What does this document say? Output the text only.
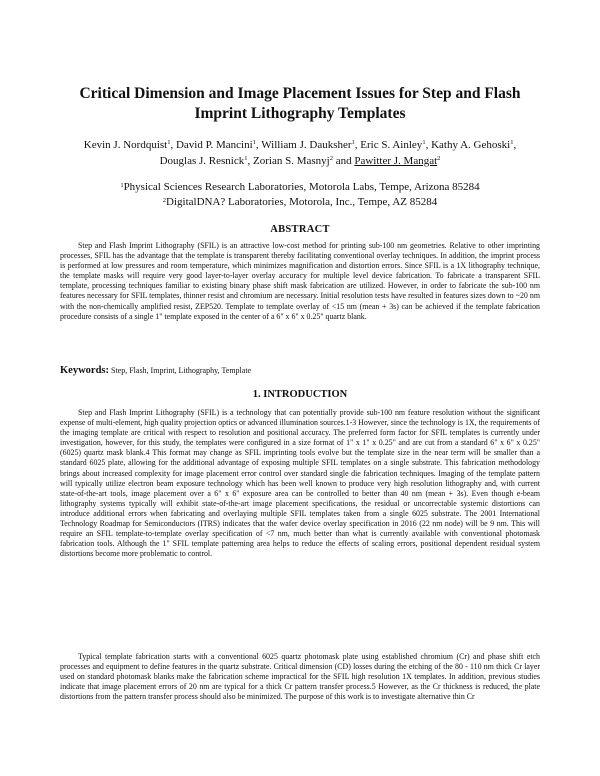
Critical Dimension and Image Placement Issues for Step and Flash Imprint Lithography Templates
Kevin J. Nordquist$^1$, David P. Mancini$^1$, William J. Dauksher$^1$, Eric S. Ainley$^1$, Kathy A. Gehoski$^1$,
Douglas J. Resnick$^1$, Zorian S. Masnyj$^2$ and Pawitter J. Mangat$^2$
$^1$Physical Sciences Research Laboratories, Motorola Labs, Tempe, Arizona 85284
$^2$DigitalDNA? Laboratories, Motorola, Inc., Tempe, AZ 85284
ABSTRACT

Step and Flash Imprint Lithography (SFIL) is an attractive low-cost method for printing sub-100 nm geometries. Relative to other imprinting processes, SFIL has the advantage that the template is transparent thereby facilitating conventional overlay techniques. In addition, the imprint process is performed at low pressures and room temperature, which minimizes magnification and distortion errors. Since SFIL is a 1X lithography technique, the template masks will require very good layer-to-layer overlay accuracy for multiple level device fabrication. To fabricate a transparent SFIL template, processing techniques familiar to existing binary phase shift mask fabrication are utilized. However, in order to fabricate the sub-100 nm features necessary for SFIL templates, thinner resist and chromium are necessary. Initial resolution tests have resulted in features sizes down to ~20 nm with the non-chemically amplified resist, ZEP520. Template to template overlay of <15 nm (mean + 3s) can be achieved if the template fabrication procedure consists of a single 1" template exposed in the center of a 6" x 6" x 0.25" quartz blank.

Keywords: Step, Flash, Imprint, Lithography, Template

1. INTRODUCTION

Step and Flash Imprint Lithography (SFIL) is a technology that can potentially provide sub-100 nm feature resolution without the significant expense of multi-element, high quality projection optics or advanced illumination sources.1-3 However, since the technology is 1X, the requirements of the imaging template are critical with respect to resolution and positional accuracy. The preferred form factor for SFIL templates is currently under investigation, however, for this study, the templates were configured in a size format of 1" x 1" x 0.25" and are cut from a standard 6" x 6" x 0.25" (6025) quartz mask blank.4 This format may change as SFIL imprinting tools evolve but the template size in the near term will be smaller than a standard 6025 plate, allowing for the additional advantage of exposing multiple SFIL templates on a single substrate. This fabrication methodology brings about increased complexity for image placement error control over standard single die fabrication techniques. Imaging of the template pattern will typically utilize electron beam exposure technology which has been well known to produce very high resolution lithography and, with current state-of-the-art tools, image placement over a 6" x 6" exposure area can be controlled to better than 40 nm (mean + 3s). Even though e-beam lithography systems typically will exhibit state-of-the-art image placement specifications, the residual or uncorrectable systemic distortions can introduce additional errors when fabricating and overlaying multiple SFIL templates taken from a single 6025 substrate. The 2001 International Technology Roadmap for Semiconductors (ITRS) indicates that the wafer device overlay specification in 2016 (22 nm node) will be 9 nm. This will require an SFIL template-to-template overlay specification of <7 nm, much better than what is currently available with conventional photomask fabrication tools. Although the 1" SFIL template patterning area helps to reduce the effects of scaling errors, positional dependent residual system distortions become more problematic to control.

Typical template fabrication starts with a conventional 6025 quartz photomask plate using established chromium (Cr) and phase shift etch processes and equipment to define features in the quartz substrate. Critical dimension (CD) losses during the etching of the 80 - 110 nm thick Cr layer used on standard photomask blanks make the fabrication scheme impractical for the SFIL high resolution 1X templates. In addition, previous studies indicate that image placement errors of 20 nm are typical for a thick Cr pattern transfer process.5 However, as the Cr thickness is reduced, the plate distortions from the pattern transfer process should also be minimized. The purpose of this work is to investigate alternative thin Cr
